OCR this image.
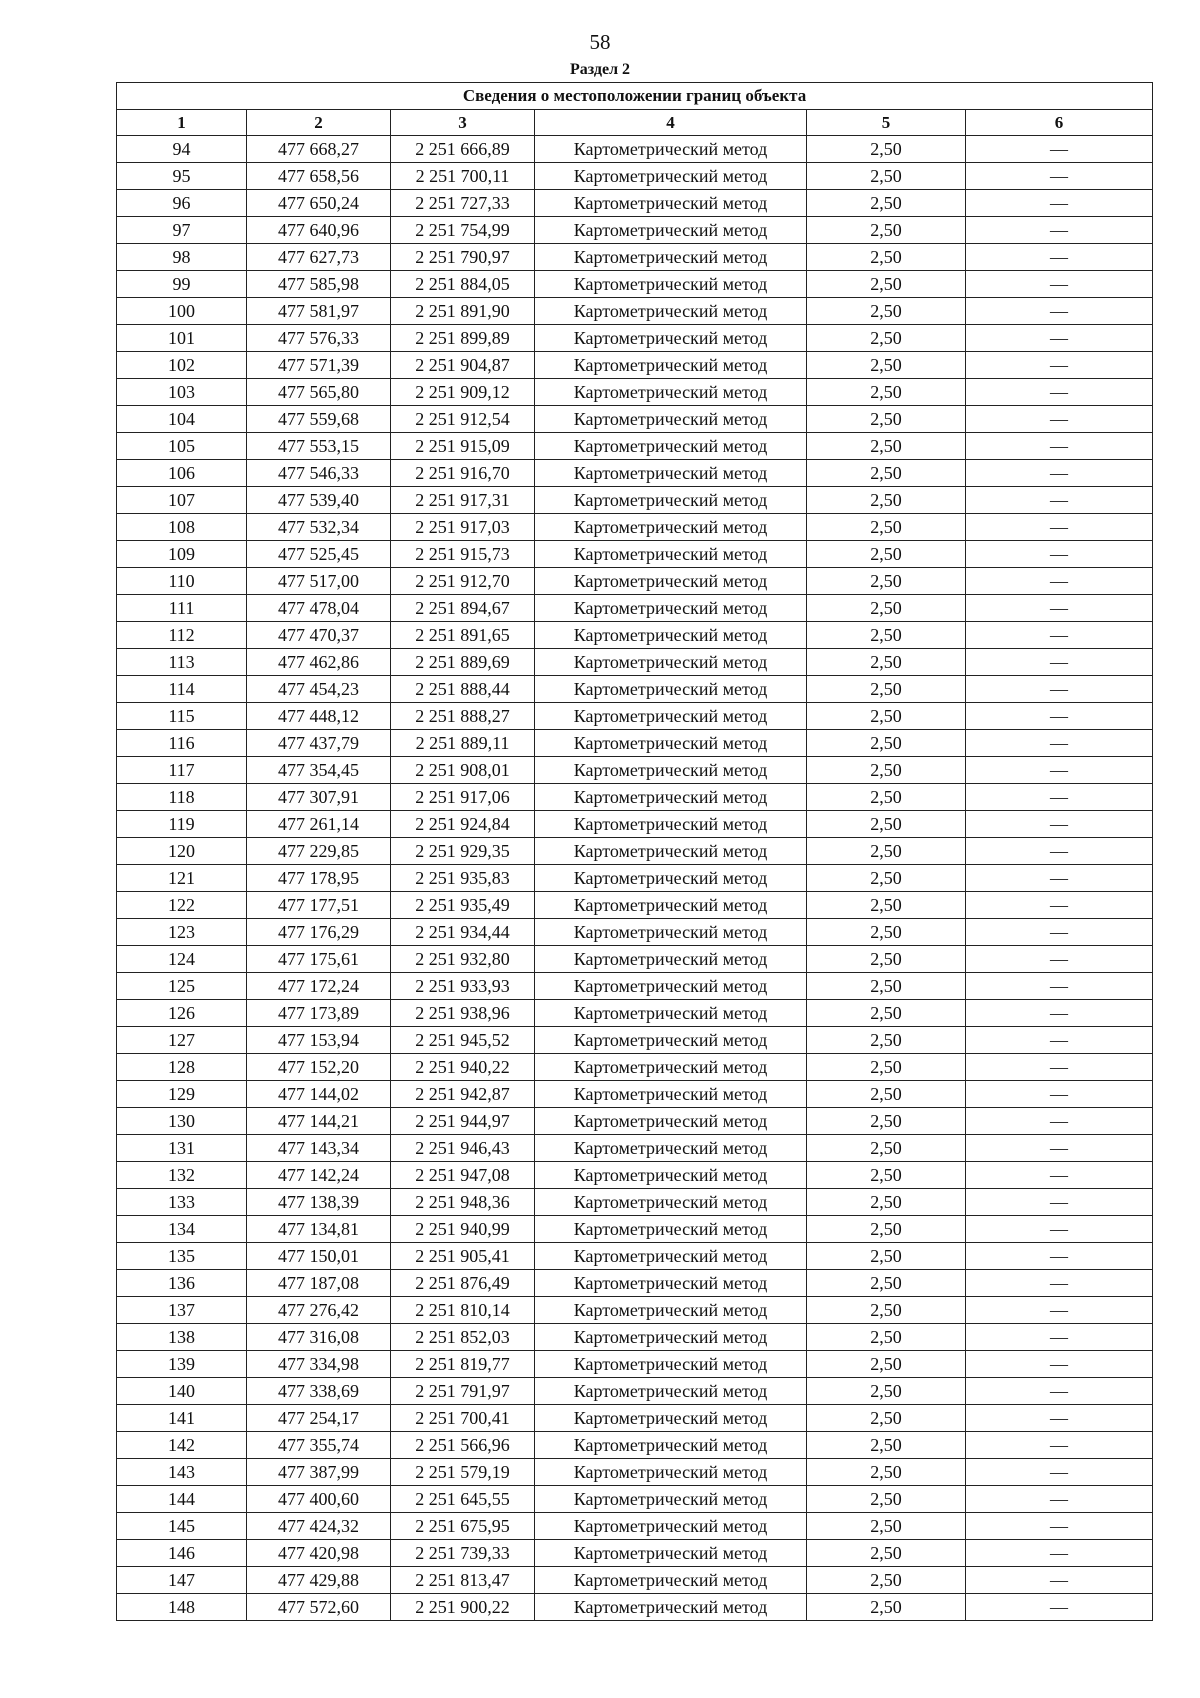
58
Раздел 2
Сведения о местоположении границ объекта					
1	2	3	4	5	6
94	477 668,27	2 251 666,89	Картометрический метод	2,50	—
95	477 658,56	2 251 700,11	Картометрический метод	2,50	—
96	477 650,24	2 251 727,33	Картометрический метод	2,50	—
97	477 640,96	2 251 754,99	Картометрический метод	2,50	—
98	477 627,73	2 251 790,97	Картометрический метод	2,50	—
99	477 585,98	2 251 884,05	Картометрический метод	2,50	—
100	477 581,97	2 251 891,90	Картометрический метод	2,50	—
101	477 576,33	2 251 899,89	Картометрический метод	2,50	—
102	477 571,39	2 251 904,87	Картометрический метод	2,50	—
103	477 565,80	2 251 909,12	Картометрический метод	2,50	—
104	477 559,68	2 251 912,54	Картометрический метод	2,50	—
105	477 553,15	2 251 915,09	Картометрический метод	2,50	—
106	477 546,33	2 251 916,70	Картометрический метод	2,50	—
107	477 539,40	2 251 917,31	Картометрический метод	2,50	—
108	477 532,34	2 251 917,03	Картометрический метод	2,50	—
109	477 525,45	2 251 915,73	Картометрический метод	2,50	—
110	477 517,00	2 251 912,70	Картометрический метод	2,50	—
111	477 478,04	2 251 894,67	Картометрический метод	2,50	—
112	477 470,37	2 251 891,65	Картометрический метод	2,50	—
113	477 462,86	2 251 889,69	Картометрический метод	2,50	—
114	477 454,23	2 251 888,44	Картометрический метод	2,50	—
115	477 448,12	2 251 888,27	Картометрический метод	2,50	—
116	477 437,79	2 251 889,11	Картометрический метод	2,50	—
117	477 354,45	2 251 908,01	Картометрический метод	2,50	—
118	477 307,91	2 251 917,06	Картометрический метод	2,50	—
119	477 261,14	2 251 924,84	Картометрический метод	2,50	—
120	477 229,85	2 251 929,35	Картометрический метод	2,50	—
121	477 178,95	2 251 935,83	Картометрический метод	2,50	—
122	477 177,51	2 251 935,49	Картометрический метод	2,50	—
123	477 176,29	2 251 934,44	Картометрический метод	2,50	—
124	477 175,61	2 251 932,80	Картометрический метод	2,50	—
125	477 172,24	2 251 933,93	Картометрический метод	2,50	—
126	477 173,89	2 251 938,96	Картометрический метод	2,50	—
127	477 153,94	2 251 945,52	Картометрический метод	2,50	—
128	477 152,20	2 251 940,22	Картометрический метод	2,50	—
129	477 144,02	2 251 942,87	Картометрический метод	2,50	—
130	477 144,21	2 251 944,97	Картометрический метод	2,50	—
131	477 143,34	2 251 946,43	Картометрический метод	2,50	—
132	477 142,24	2 251 947,08	Картометрический метод	2,50	—
133	477 138,39	2 251 948,36	Картометрический метод	2,50	—
134	477 134,81	2 251 940,99	Картометрический метод	2,50	—
135	477 150,01	2 251 905,41	Картометрический метод	2,50	—
136	477 187,08	2 251 876,49	Картометрический метод	2,50	—
137	477 276,42	2 251 810,14	Картометрический метод	2,50	—
138	477 316,08	2 251 852,03	Картометрический метод	2,50	—
139	477 334,98	2 251 819,77	Картометрический метод	2,50	—
140	477 338,69	2 251 791,97	Картометрический метод	2,50	—
141	477 254,17	2 251 700,41	Картометрический метод	2,50	—
142	477 355,74	2 251 566,96	Картометрический метод	2,50	—
143	477 387,99	2 251 579,19	Картометрический метод	2,50	—
144	477 400,60	2 251 645,55	Картометрический метод	2,50	—
145	477 424,32	2 251 675,95	Картометрический метод	2,50	—
146	477 420,98	2 251 739,33	Картометрический метод	2,50	—
147	477 429,88	2 251 813,47	Картометрический метод	2,50	—
148	477 572,60	2 251 900,22	Картометрический метод	2,50	—
